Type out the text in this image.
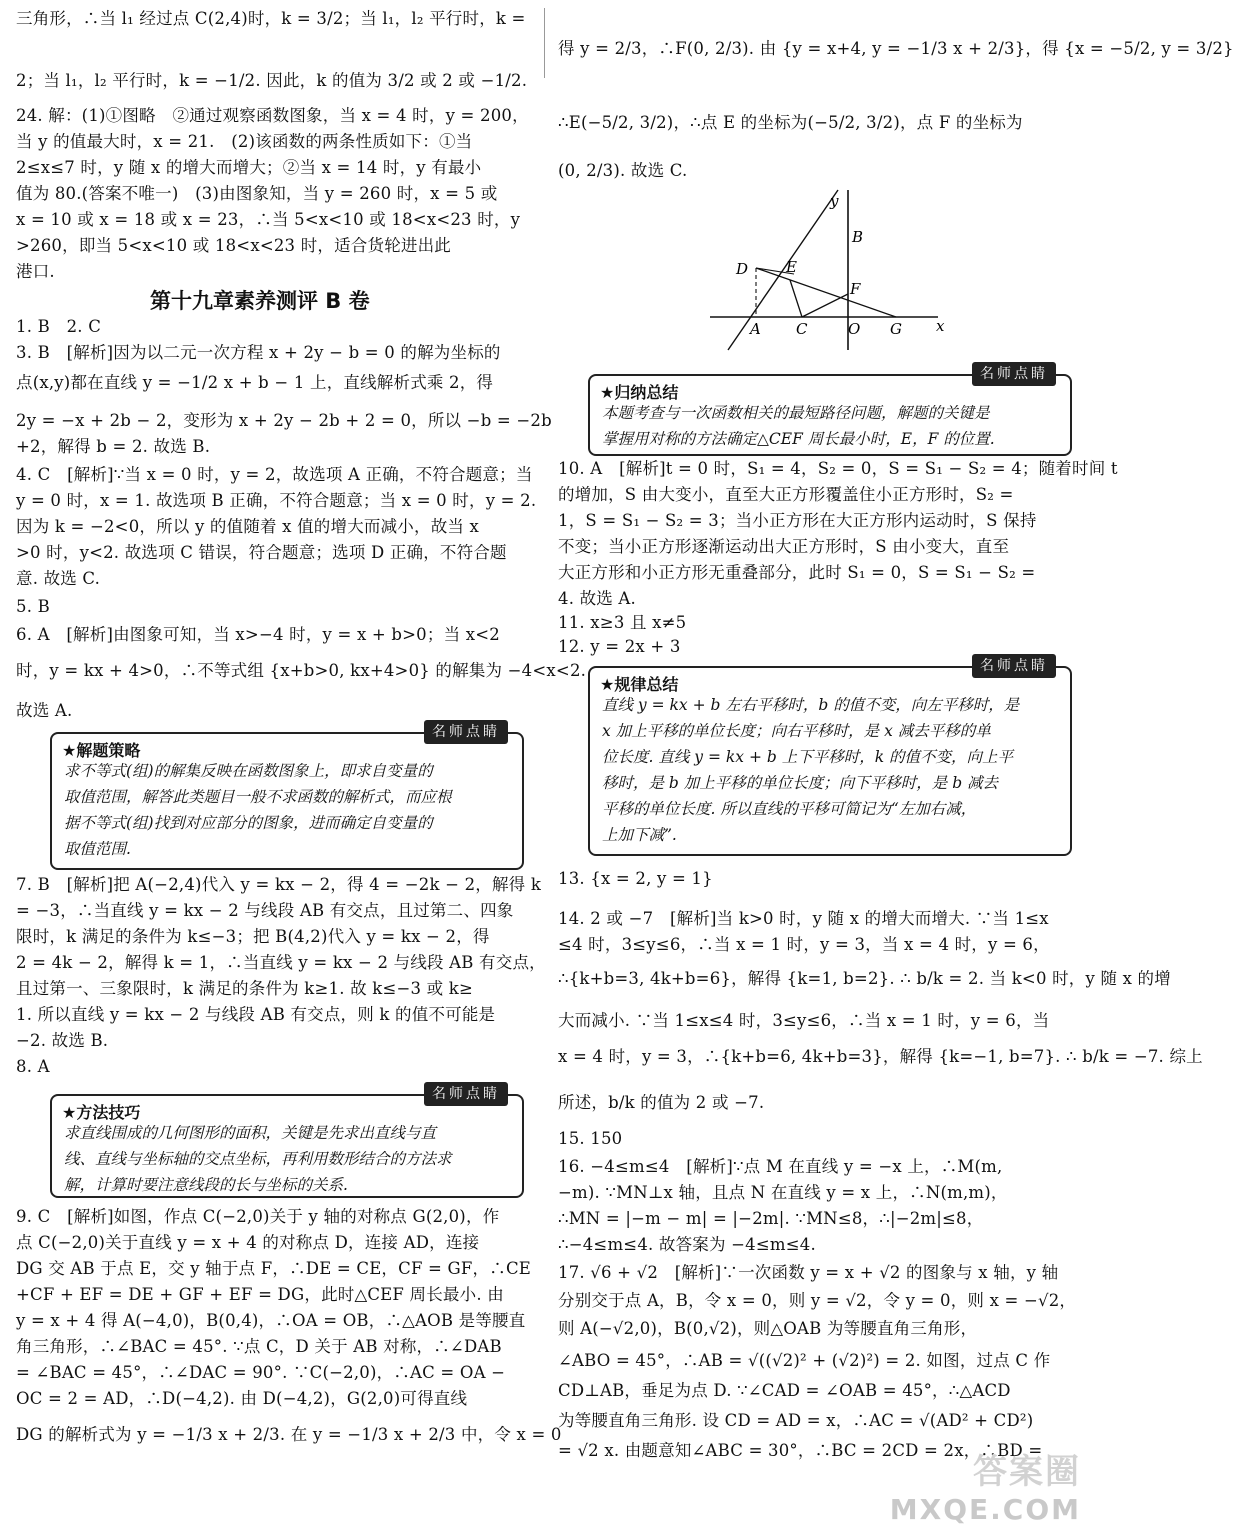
三角形，∴当 l₁ 经过点 C(2,4)时，k = 3/2；当 l₁，l₂ 平行时，k =
2；当 l₁，l₂ 平行时，k = −1/2. 因此，k 的值为 3/2 或 2 或 −1/2.
24. 解：(1)①图略　②通过观察函数图象，当 x = 4 时，y = 200，
当 y 的值最大时，x = 21.　(2)该函数的两条性质如下：①当
2≤x≤7 时，y 随 x 的增大而增大；②当 x = 14 时，y 有最小
值为 80.(答案不唯一)　(3)由图象知，当 y = 260 时，x = 5 或
x = 10 或 x = 18 或 x = 23，∴当 5<x<10 或 18<x<23 时，y
>260，即当 5<x<10 或 18<x<23 时，适合货轮进出此
港口.
1. B　2. C
3. B　[解析]因为以二元一次方程 x + 2y − b = 0 的解为坐标的
点(x,y)都在直线 y = −1/2 x + b − 1 上，直线解析式乘 2，得
2y = −x + 2b − 2，变形为 x + 2y − 2b + 2 = 0，所以 −b = −2b
+2，解得 b = 2. 故选 B.
4. C　[解析]∵当 x = 0 时，y = 2，故选项 A 正确，不符合题意；当
y = 0 时，x = 1. 故选项 B 正确，不符合题意；当 x = 0 时，y = 2.
因为 k = −2<0，所以 y 的值随着 x 值的增大而减小，故当 x
>0 时，y<2. 故选项 C 错误，符合题意；选项 D 正确，不符合题
意. 故选 C.
5. B
6. A　[解析]由图象可知，当 x>−4 时，y = x + b>0；当 x<2
时，y = kx + 4>0，∴不等式组 {x+b>0, kx+4>0} 的解集为 −4<x<2.
故选 A.
7. B　[解析]把 A(−2,4)代入 y = kx − 2，得 4 = −2k − 2，解得 k
= −3，∴当直线 y = kx − 2 与线段 AB 有交点，且过第二、四象
限时，k 满足的条件为 k≤−3；把 B(4,2)代入 y = kx − 2，得
2 = 4k − 2，解得 k = 1，∴当直线 y = kx − 2 与线段 AB 有交点，
且过第一、三象限时，k 满足的条件为 k≥1. 故 k≤−3 或 k≥
1. 所以直线 y = kx − 2 与线段 AB 有交点，则 k 的值不可能是
−2. 故选 B.
8. A
9. C　[解析]如图，作点 C(−2,0)关于 y 轴的对称点 G(2,0)，作
点 C(−2,0)关于直线 y = x + 4 的对称点 D，连接 AD，连接
DG 交 AB 于点 E，交 y 轴于点 F，∴DE = CE，CF = GF，∴CE
+CF + EF = DE + GF + EF = DG，此时△CEF 周长最小. 由
y = x + 4 得 A(−4,0)，B(0,4)，∴OA = OB，∴△AOB 是等腰直
角三角形，∴∠BAC = 45°. ∵点 C，D 关于 AB 对称，∴∠DAB
= ∠BAC = 45°，∴∠DAC = 90°. ∵C(−2,0)，∴AC = OA −
OC = 2 = AD，∴D(−4,2). 由 D(−4,2)，G(2,0)可得直线
DG 的解析式为 y = −1/3 x + 2/3. 在 y = −1/3 x + 2/3 中，令 x = 0
名师点睛
★解题策略
求不等式(组)的解集反映在函数图象上，即求自变量的
取值范围，解答此类题目一般不求函数的解析式，而应根
据不等式(组)找到对应部分的图象，进而确定自变量的
取值范围.
名师点睛
★方法技巧
求直线围成的几何图形的面积，关键是先求出直线与直
线、直线与坐标轴的交点坐标，再利用数形结合的方法求
解，计算时要注意线段的长与坐标的关系.
得 y = 2/3，∴F(0, 2/3). 由 {y = x+4, y = −1/3 x + 2/3}，得 {x = −5/2, y = 3/2}
∴E(−5/2, 3/2)，∴点 E 的坐标为(−5/2, 3/2)，点 F 的坐标为
(0, 2/3). 故选 C.
10. A　[解析]t = 0 时，S₁ = 4，S₂ = 0，S = S₁ − S₂ = 4；随着时间 t
的增加，S 由大变小，直至大正方形覆盖住小正方形时，S₂ =
1，S = S₁ − S₂ = 3；当小正方形在大正方形内运动时，S 保持
不变；当小正方形逐渐运动出大正方形时，S 由小变大，直至
大正方形和小正方形无重叠部分，此时 S₁ = 0，S = S₁ − S₂ =
4. 故选 A.
11. x≥3 且 x≠5
12. y = 2x + 3
13. {x = 2, y = 1}
14. 2 或 −7　[解析]当 k>0 时，y 随 x 的增大而增大. ∵当 1≤x
≤4 时，3≤y≤6，∴当 x = 1 时，y = 3，当 x = 4 时，y = 6，
∴{k+b=3, 4k+b=6}，解得 {k=1, b=2}. ∴ b/k = 2. 当 k<0 时，y 随 x 的增
大而减小. ∵当 1≤x≤4 时，3≤y≤6，∴当 x = 1 时，y = 6，当
x = 4 时，y = 3，∴{k+b=6, 4k+b=3}，解得 {k=−1, b=7}. ∴ b/k = −7. 综上
所述，b/k 的值为 2 或 −7.
15. 150
16. −4≤m≤4　[解析]∵点 M 在直线 y = −x 上，∴M(m,
−m). ∵MN⊥x 轴，且点 N 在直线 y = x 上，∴N(m,m)，
∴MN = |−m − m| = |−2m|. ∵MN≤8，∴|−2m|≤8，
∴−4≤m≤4. 故答案为 −4≤m≤4.
17. √6 + √2　[解析]∵一次函数 y = x + √2 的图象与 x 轴，y 轴
分别交于点 A，B，令 x = 0，则 y = √2，令 y = 0，则 x = −√2，
则 A(−√2,0)，B(0,√2)，则△OAB 为等腰直角三角形，
∠ABO = 45°，∴AB = √((√2)² + (√2)²) = 2. 如图，过点 C 作
CD⊥AB，垂足为点 D. ∵∠CAD = ∠OAB = 45°，∴△ACD
为等腰直角三角形. 设 CD = AD = x，∴AC = √(AD² + CD²)
= √2 x. 由题意知∠ABC = 30°，∴BC = 2CD = 2x，∴BD =
名师点睛
★归纳总结
本题考查与一次函数相关的最短路径问题，解题的关键是
掌握用对称的方法确定△CEF 周长最小时，E，F 的位置.
名师点睛
★规律总结
直线 y = kx + b 左右平移时，b 的值不变，向左平移时，是
x 加上平移的单位长度；向右平移时，是 x 减去平移的单
位长度. 直线 y = kx + b 上下平移时，k 的值不变，向上平
移时，是 b 加上平移的单位长度；向下平移时，是 b 减去
平移的单位长度. 所以直线的平移可简记为“左加右减，
上加下减”.
第十九章素养测评 B 卷
y
x
B
D	E
F
A C	O G
答案圈
MXQE.COM
